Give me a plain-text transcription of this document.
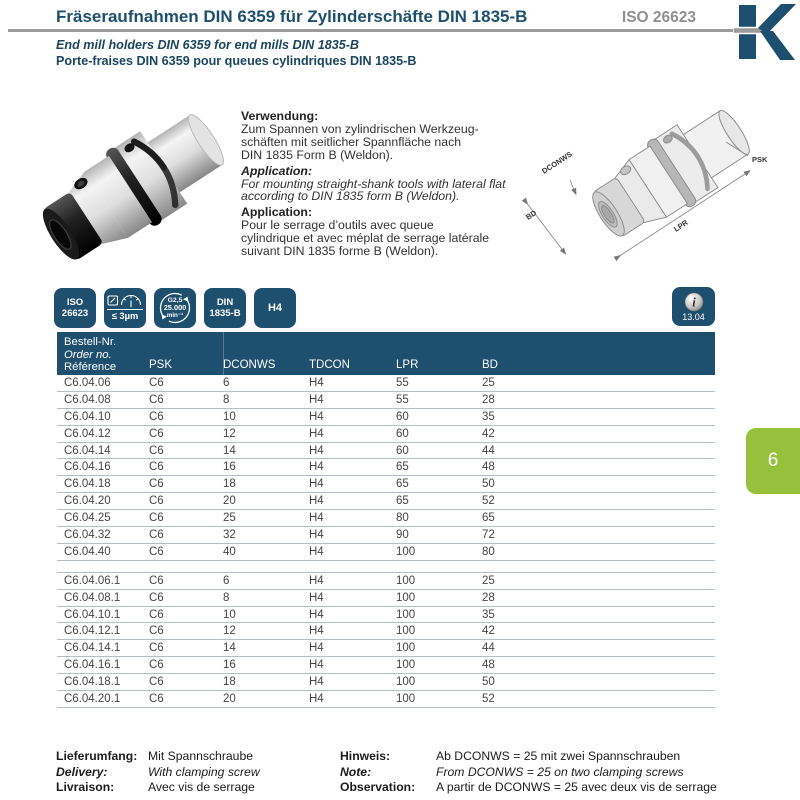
Fräseraufnahmen DIN 6359 für Zylinderschäfte DIN 1835-B	ISO 26623
End mill holders DIN 6359 for end mills DIN 1835-B
Porte-fraises DIN 6359 pour queues cylindriques DIN 1835-B

Verwendung:
Zum Spannen von zylindrischen Werkzeug-
schäften mit seitlicher Spannfläche nach
DIN 1835 Form B (Weldon).

Application:
For mounting straight-shank tools with lateral flat
according to DIN 1835 form B (Weldon).

Application:
Pour le serrage d’outils avec queue
cylindrique et avec méplat de serrage latérale
suivant DIN 1835 forme B (Weldon).

DCONWS
BD
LPR
PSK
ISO
26623	≤ 3µm
G2,5
25.000
min⁻¹
DIN
1835-B H4	i
13.04
Bestell-Nr.
Order no.
Référence	PSK	DCONWS	TDCON	LPR	BD
C6.04.06	C6	6	H4	55	25
C6.04.08	C6	8	H4	55	28
C6.04.10	C6	10	H4	60	35
C6.04.12	C6	12	H4	60	42
C6.04.14	C6	14	H4	60	44
C6.04.16	C6	16	H4	65	48
C6.04.18	C6	18	H4	65	50
C6.04.20	C6	20	H4	65	52
C6.04.25	C6	25	H4	80	65
C6.04.32	C6	32	H4	90	72
C6.04.40	C6	40	H4	100	80
C6.04.06.1	C6	6	H4	100	25
C6.04.08.1	C6	8	H4	100	28
C6.04.10.1	C6	10	H4	100	35
C6.04.12.1	C6	12	H4	100	42
C6.04.14.1	C6	14	H4	100	44
C6.04.16.1	C6	16	H4	100	48
C6.04.18.1	C6	18	H4	100	50
C6.04.20.1	C6	20	H4	100	52
6
Lieferumfang:
Delivery:
Livraison:
Mit Spannschraube
With clamping screw
Avec vis de serrage
Hinweis:
Note:
Observation:
Ab DCONWS = 25 mit zwei Spannschrauben
From DCONWS = 25 on two clamping screws
A partir de DCONWS = 25 avec deux vis de serrage
